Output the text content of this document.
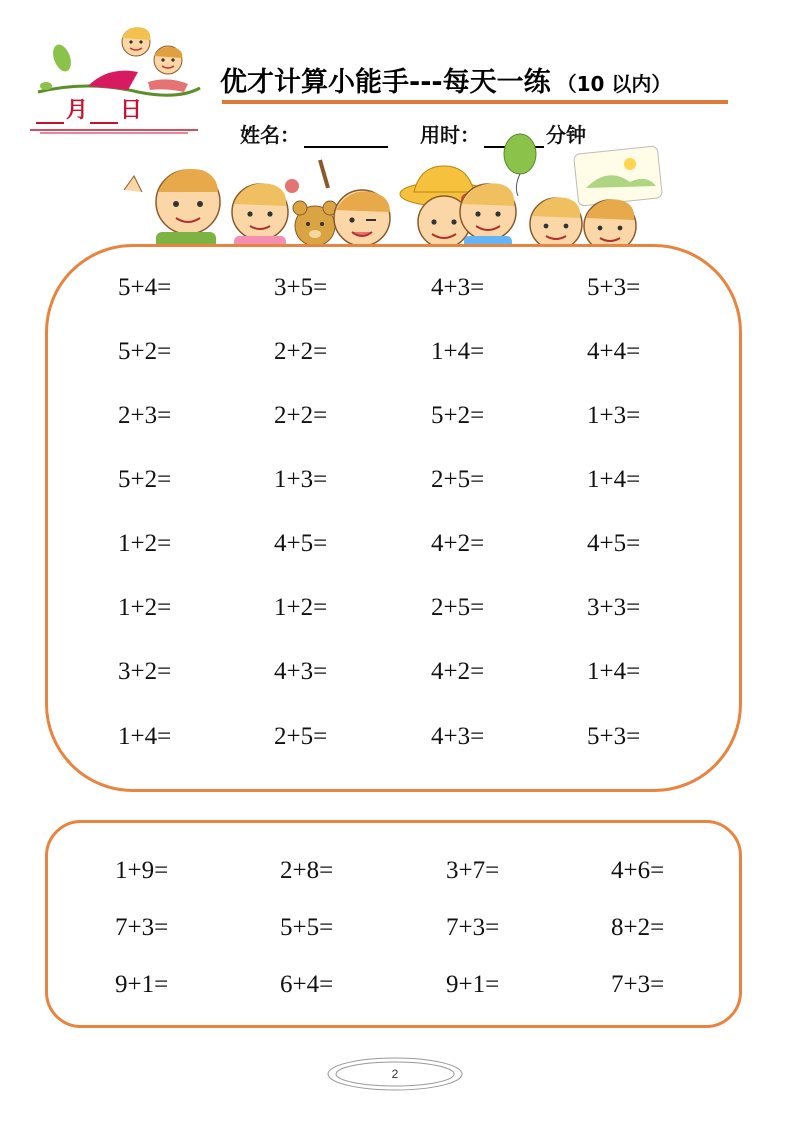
月 日
优才计算小能手---每天一练 （10 以内）
姓名：	用时：	分钟
5+4=	3+5=	4+3=	5+3=
5+2=	2+2=	1+4=	4+4=
2+3=	2+2=	5+2=	1+3=
5+2=	1+3=	2+5=	1+4=
1+2=	4+5=	4+2=	4+5=
1+2=	1+2=	2+5=	3+3=
3+2=	4+3=	4+2=	1+4=
1+4=	2+5=	4+3=	5+3=
1+9=	2+8=	3+7=	4+6=
7+3=	5+5=	7+3=	8+2=
9+1=	6+4=	9+1=	7+3=
2
